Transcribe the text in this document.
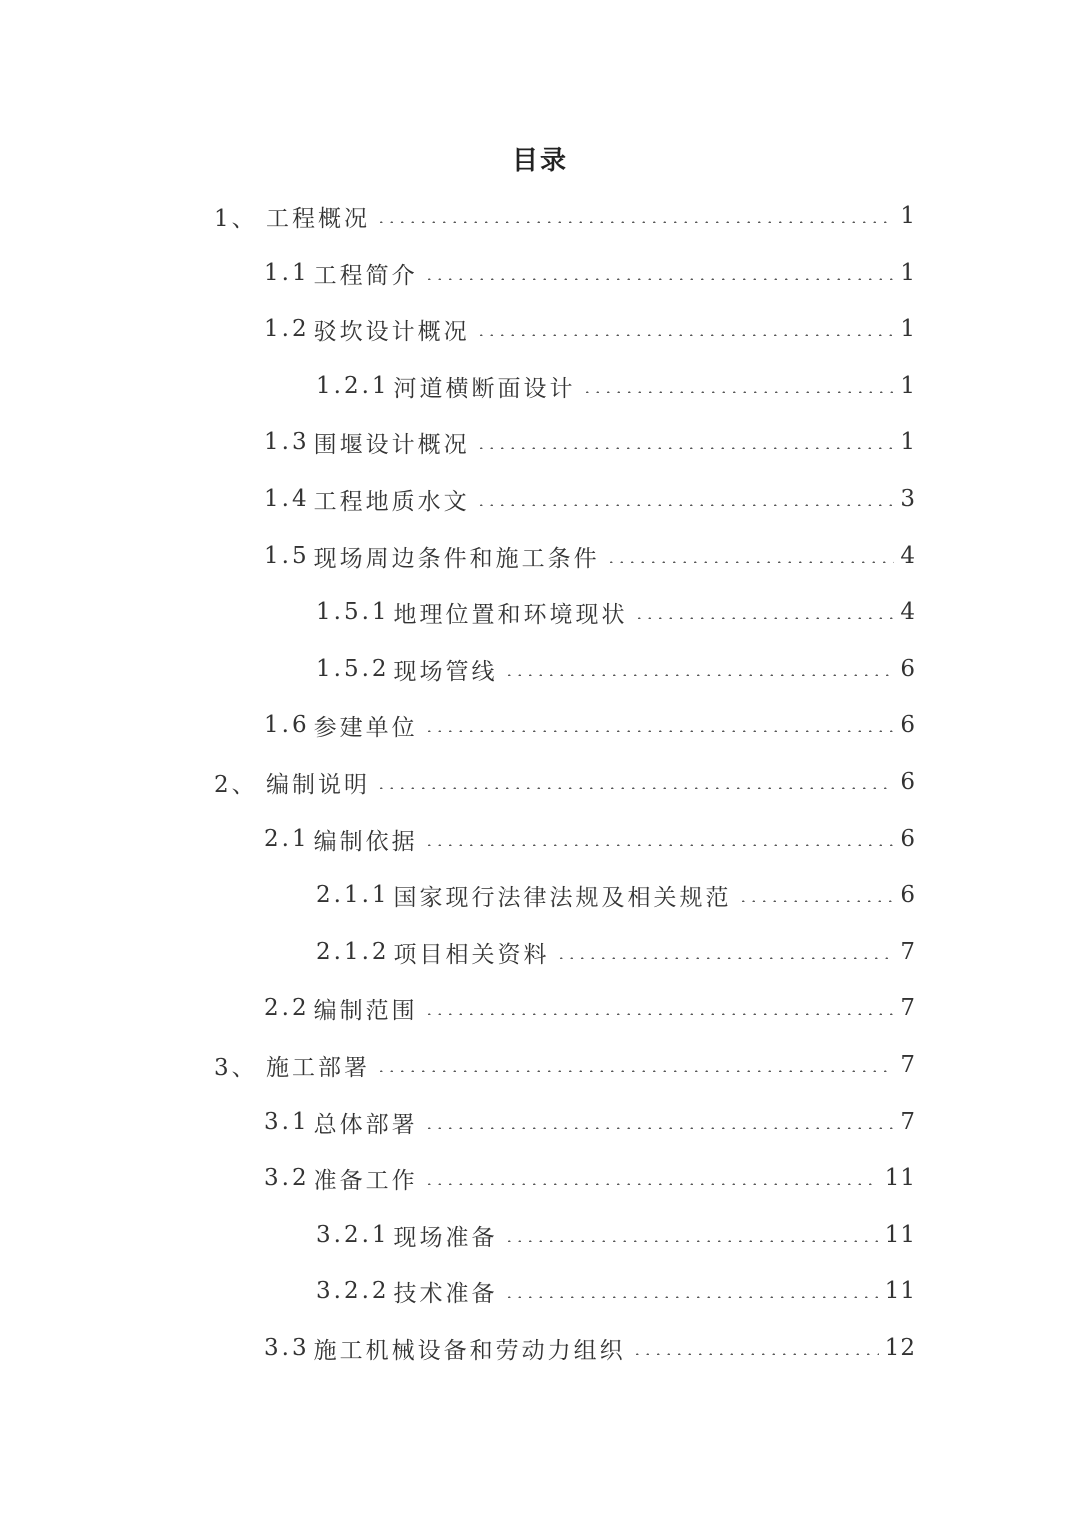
目录
1、 工程概况	1
1.1 工程简介	1
1.2 驳坎设计概况	1
1.2.1 河道横断面设计	1
1.3 围堰设计概况	1
1.4 工程地质水文	3
1.5 现场周边条件和施工条件	4
1.5.1 地理位置和环境现状	4
1.5.2 现场管线	6
1.6 参建单位	6
2、 编制说明	6
2.1 编制依据	6
2.1.1 国家现行法律法规及相关规范	6
2.1.2 项目相关资料	7
2.2 编制范围	7
3、 施工部署	7
3.1 总体部署	7
3.2 准备工作	11
3.2.1 现场准备	11
3.2.2 技术准备	11
3.3 施工机械设备和劳动力组织	12
